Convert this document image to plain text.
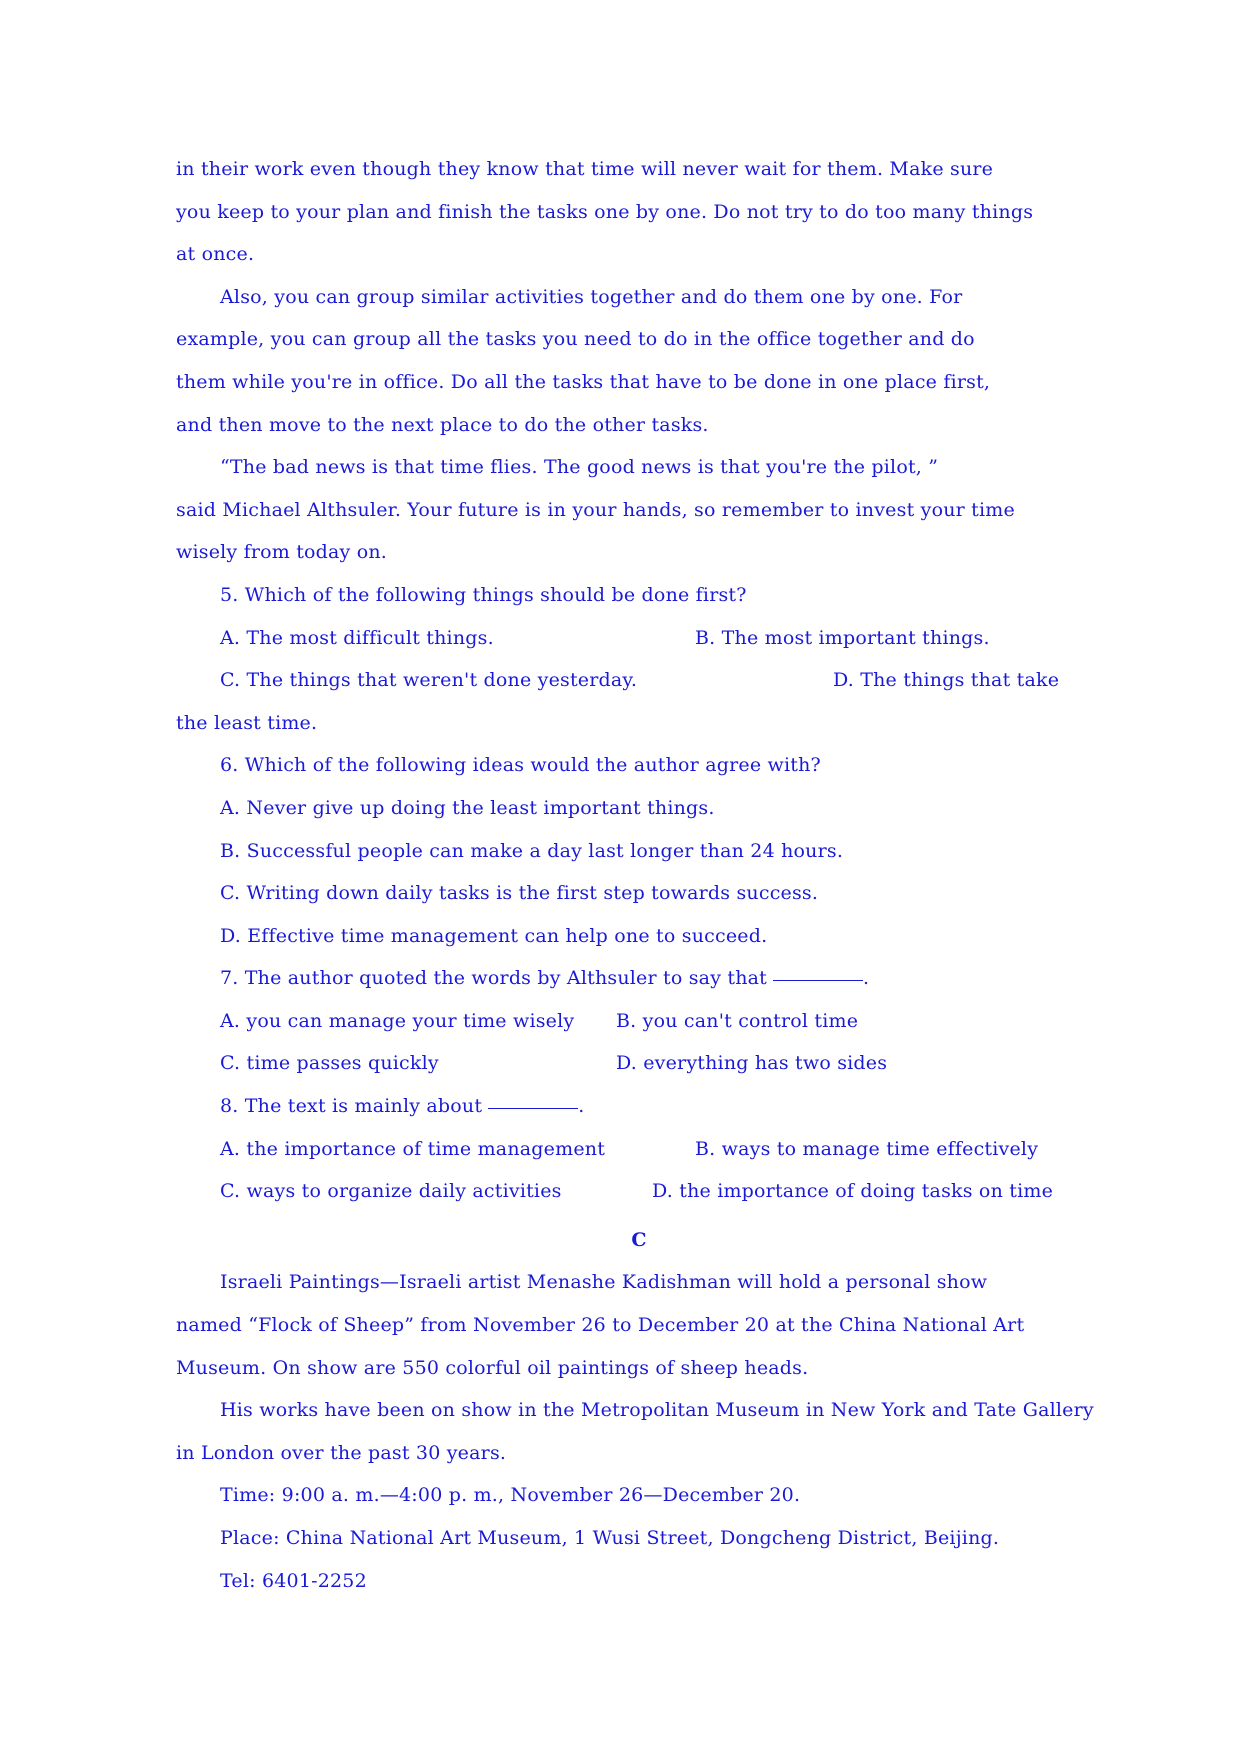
in their work even though they know that time will never wait for them. Make sure
you keep to your plan and finish the tasks one by one. Do not try to do too many things
at once.
Also, you can group similar activities together and do them one by one. For
example, you can group all the tasks you need to do in the office together and do
them while you're in office. Do all the tasks that have to be done in one place first,
and then move to the next place to do the other tasks.
“The bad news is that time flies. The good news is that you're the pilot, ”
said Michael Althsuler. Your future is in your hands, so remember to invest your time
wisely from today on.
5. Which of the following things should be done first?
A. The most difficult things.	B. The most important things.
C. The things that weren't done yesterday.	D. The things that take
the least time.
6. Which of the following ideas would the author agree with?
A. Never give up doing the least important things.
B. Successful people can make a day last longer than 24 hours.
C. Writing down daily tasks is the first step towards success.
D. Effective time management can help one to succeed.
7. The author quoted the words by Althsuler to say that	.
A. you can manage your time wisely	B. you can't control time
C. time passes quickly	D. everything has two sides
8. The text is mainly about	.
A. the importance of time management	B. ways to manage time effectively
C. ways to organize daily activities	D. the importance of doing tasks on time
C
Israeli Paintings—Israeli artist Menashe Kadishman will hold a personal show
named “Flock of Sheep” from November 26 to December 20 at the China National Art
Museum. On show are 550 colorful oil paintings of sheep heads.
His works have been on show in the Metropolitan Museum in New York and Tate Gallery
in London over the past 30 years.
Time: 9:00 a. m.—4:00 p. m., November 26—December 20.
Place: China National Art Museum, 1 Wusi Street, Dongcheng District, Beijing.
Tel: 6401-2252
